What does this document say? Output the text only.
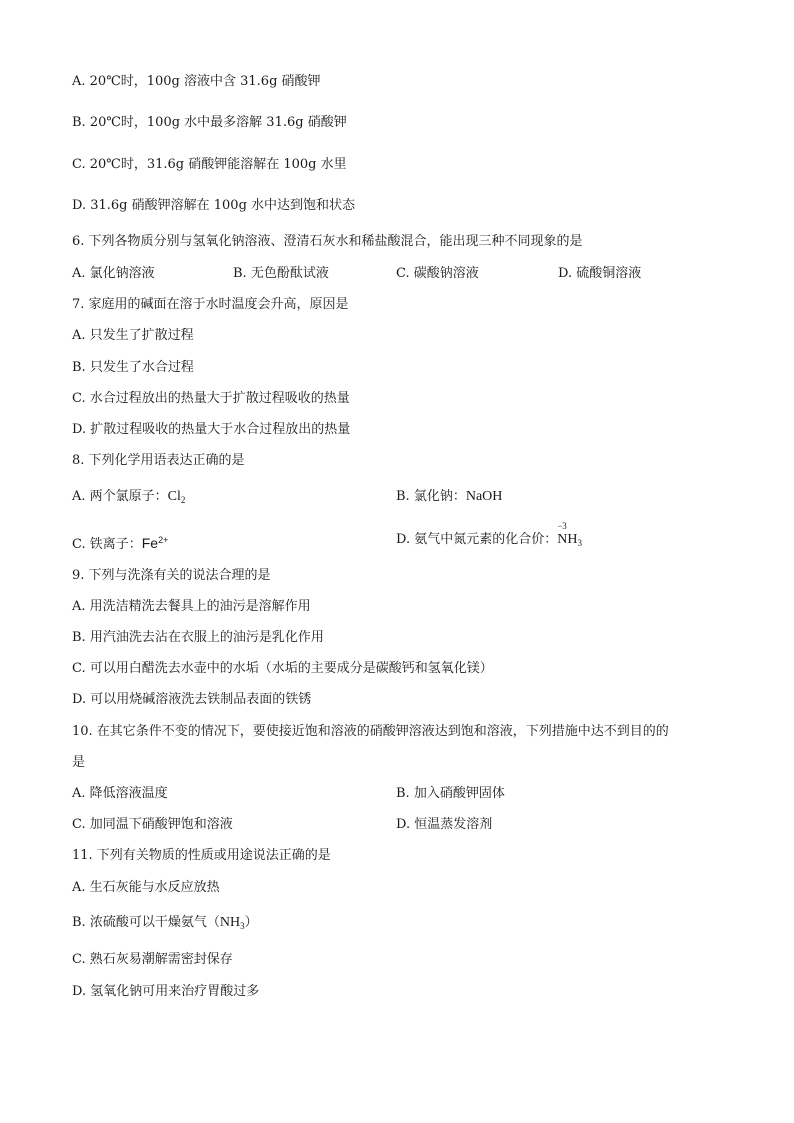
A. 20℃时，100g 溶液中含 31.6g 硝酸钾
B. 20℃时，100g 水中最多溶解 31.6g 硝酸钾
C. 20℃时，31.6g 硝酸钾能溶解在 100g 水里
D. 31.6g 硝酸钾溶解在 100g 水中达到饱和状态
6. 下列各物质分别与氢氧化钠溶液、澄清石灰水和稀盐酸混合，能出现三种不同现象的是
A. 氯化钠溶液	B. 无色酚酞试液	C. 碳酸钠溶液	D. 硫酸铜溶液
7. 家庭用的碱面在溶于水时温度会升高，原因是
A. 只发生了扩散过程
B. 只发生了水合过程
C. 水合过程放出的热量大于扩散过程吸收的热量
D. 扩散过程吸收的热量大于水合过程放出的热量
8. 下列化学用语表达正确的是
A. 两个氯原子：$Cl_2$	B. 氯化钠：NaOH
C. 铁离子：$Fe^{2+}$	D. 氨气中氮元素的化合价：
−3
$NH_3$
9. 下列与洗涤有关的说法合理的是
A. 用洗洁精洗去餐具上的油污是溶解作用
B. 用汽油洗去沾在衣服上的油污是乳化作用
C. 可以用白醋洗去水壶中的水垢（水垢的主要成分是碳酸钙和氢氧化镁）
D. 可以用烧碱溶液洗去铁制品表面的铁锈
10. 在其它条件不变的情况下，要使接近饱和溶液的硝酸钾溶液达到饱和溶液，下列措施中达不到目的的
是
A. 降低溶液温度	B. 加入硝酸钾固体
C. 加同温下硝酸钾饱和溶液	D. 恒温蒸发溶剂
11. 下列有关物质的性质或用途说法正确的是
A. 生石灰能与水反应放热
B. 浓硫酸可以干燥氨气$(NH_3)$
C. 熟石灰易潮解需密封保存
D. 氢氧化钠可用来治疗胃酸过多
